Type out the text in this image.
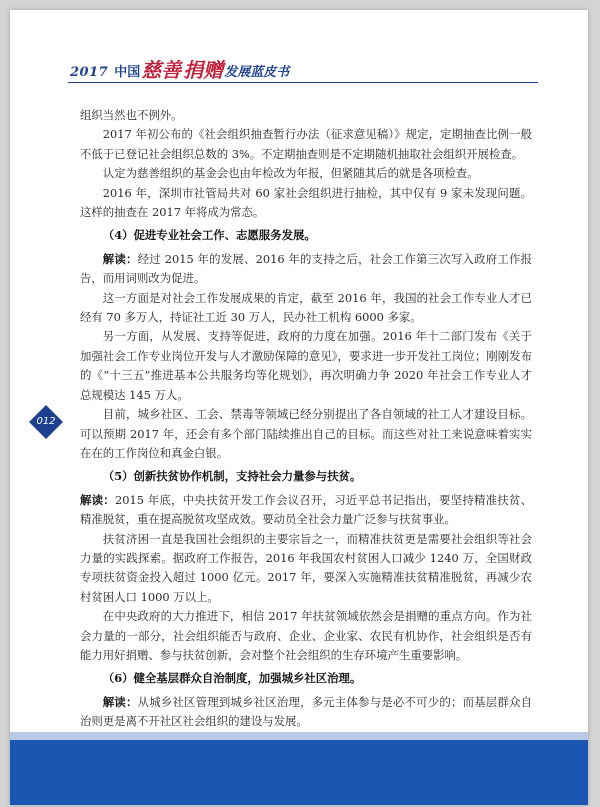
2017 中国 慈善 捐赠 发展蓝皮书
012

组织当然也不例外。

2017 年初公布的《社会组织抽查暂行办法（征求意见稿）》规定，定期抽查比例一般不低于已登记社会组织总数的 3%。不定期抽查则是不定期随机抽取社会组织开展检查。

认定为慈善组织的基金会也由年检改为年报，但紧随其后的就是各项检查。

2016 年，深圳市社管局共对 60 家社会组织进行抽检，其中仅有 9 家未发现问题。这样的抽查在 2017 年将成为常态。

（4）促进专业社会工作、志愿服务发展。

解读：经过 2015 年的发展、2016 年的支持之后，社会工作第三次写入政府工作报告，而用词则改为促进。

这一方面是对社会工作发展成果的肯定，截至 2016 年，我国的社会工作专业人才已经有 70 多万人，持证社工近 30 万人，民办社工机构 6000 多家。

另一方面，从发展、支持等促进，政府的力度在加强。2016 年十二部门发布《关于加强社会工作专业岗位开发与人才激励保障的意见》，要求进一步开发社工岗位；刚刚发布的《“十三五”推进基本公共服务均等化规划》，再次明确力争 2020 年社会工作专业人才总规模达 145 万人。

目前，城乡社区、工会、禁毒等领域已经分别提出了各自领域的社工人才建设目标。可以预期 2017 年，还会有多个部门陆续推出自己的目标。而这些对社工来说意味着实实在在的工作岗位和真金白银。

（5）创新扶贫协作机制，支持社会力量参与扶贫。

解读：2015 年底，中央扶贫开发工作会议召开，习近平总书记指出，要坚持精准扶贫、精准脱贫，重在提高脱贫攻坚成效。要动员全社会力量广泛参与扶贫事业。

扶贫济困一直是我国社会组织的主要宗旨之一，而精准扶贫更是需要社会组织等社会力量的实践探索。据政府工作报告，2016 年我国农村贫困人口减少 1240 万，全国财政专项扶贫资金投入超过 1000 亿元。2017 年，要深入实施精准扶贫精准脱贫，再减少农村贫困人口 1000 万以上。

在中央政府的大力推进下，相信 2017 年扶贫领域依然会是捐赠的重点方向。作为社会力量的一部分，社会组织能否与政府、企业、企业家、农民有机协作，社会组织是否有能力用好捐赠、参与扶贫创新，会对整个社会组织的生存环境产生重要影响。

（6）健全基层群众自治制度，加强城乡社区治理。

解读：从城乡社区管理到城乡社区治理，多元主体参与是必不可少的；而基层群众自治则更是离不开社区社会组织的建设与发展。
